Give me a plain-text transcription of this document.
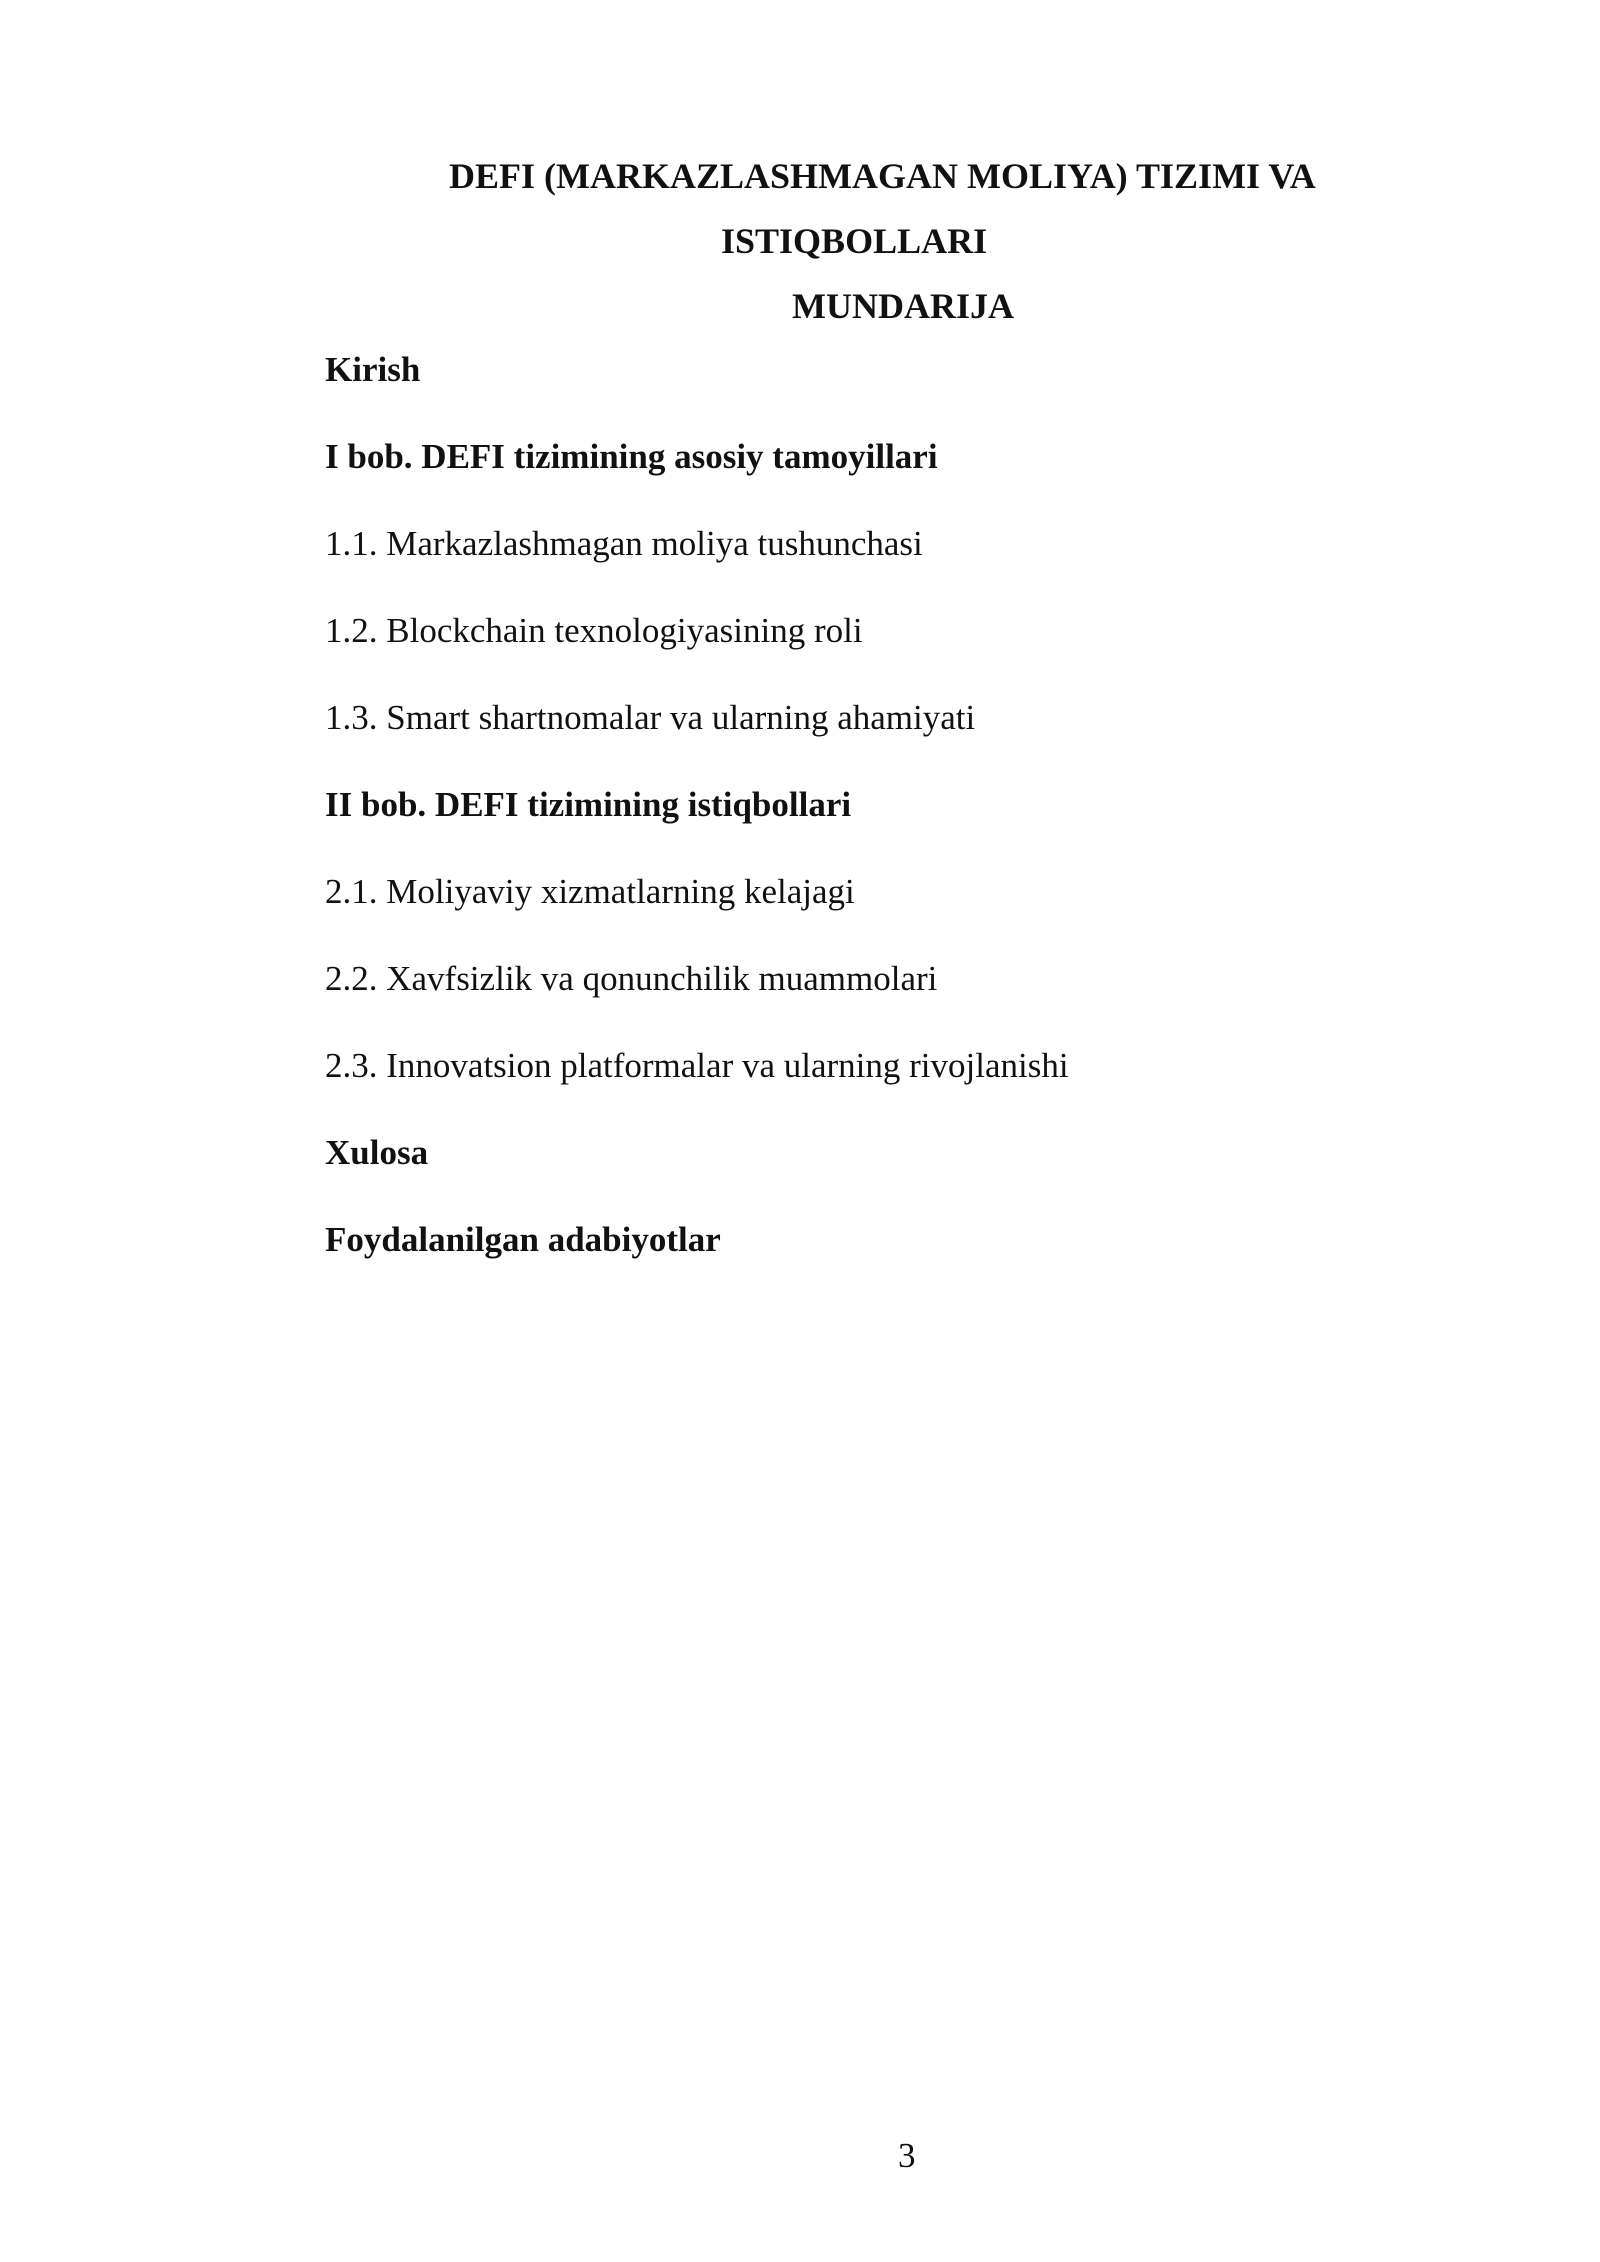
DEFI (MARKAZLASHMAGAN MOLIYA) TIZIMI VA
ISTIQBOLLARI
MUNDARIJA
Kirish
I bob. DEFI tizimining asosiy tamoyillari
1.1. Markazlashmagan moliya tushunchasi
1.2. Blockchain texnologiyasining roli
1.3. Smart shartnomalar va ularning ahamiyati
II bob. DEFI tizimining istiqbollari
2.1. Moliyaviy xizmatlarning kelajagi
2.2. Xavfsizlik va qonunchilik muammolari
2.3. Innovatsion platformalar va ularning rivojlanishi
Xulosa
Foydalanilgan adabiyotlar
3
